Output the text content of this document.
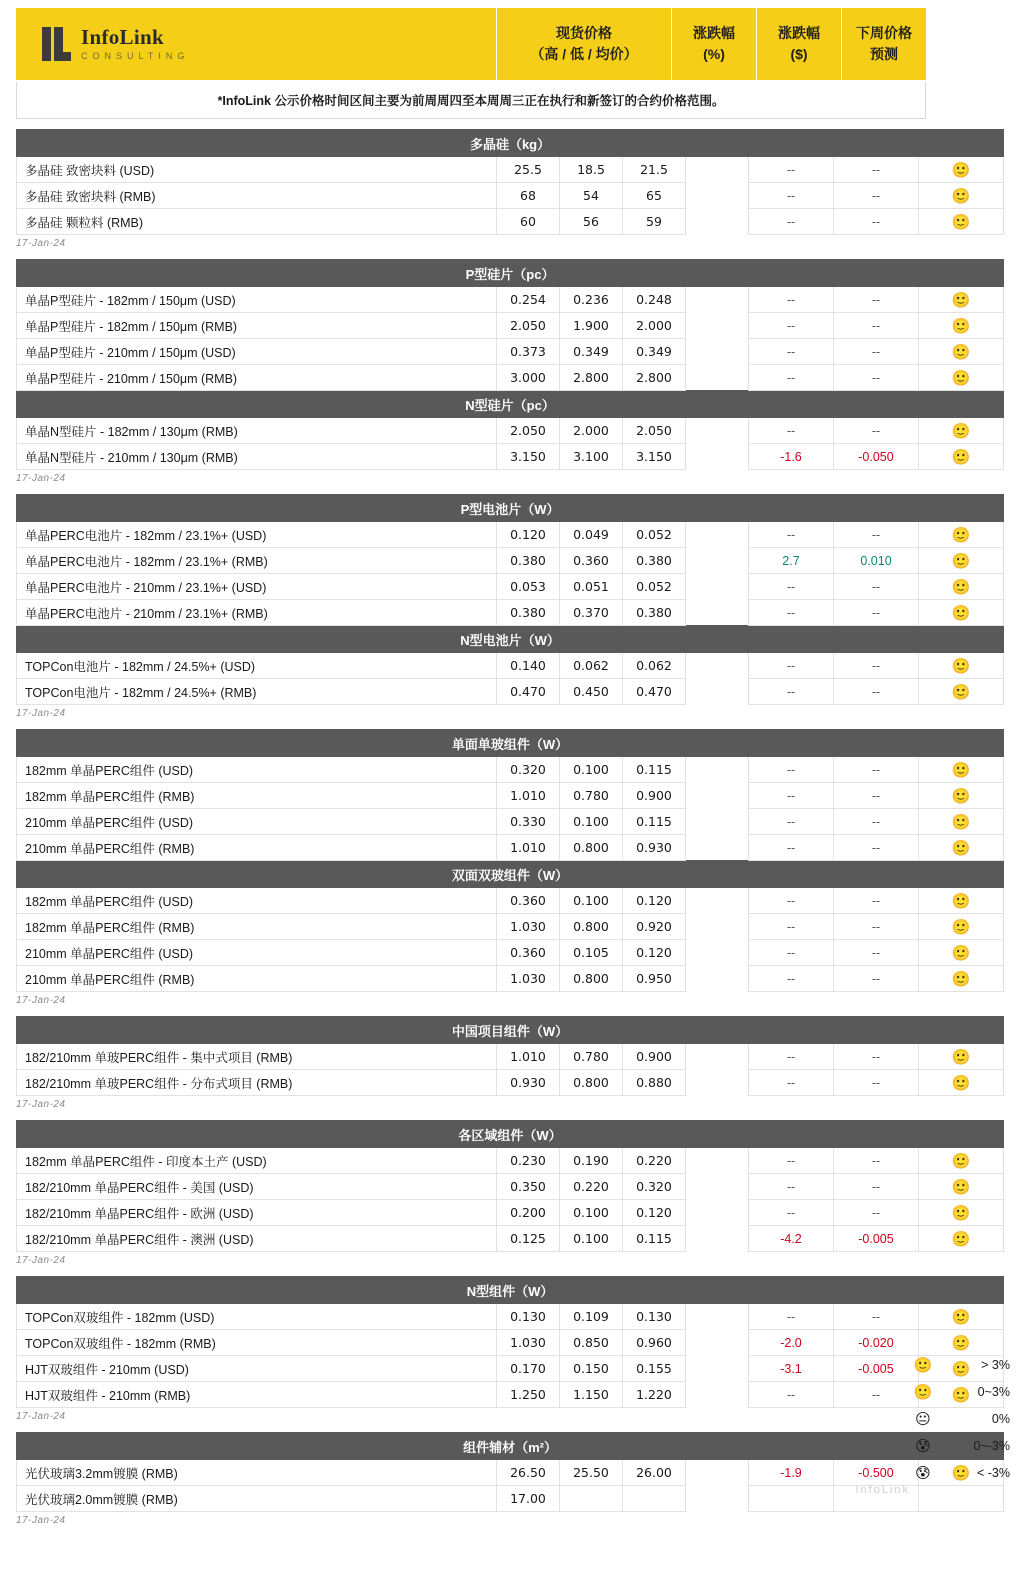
InfoLink
CONSULTING
现货价格
（高 / 低 / 均价）
涨跌幅
(%)
涨跌幅
($)
下周价格
预测
*InfoLink 公示价格时间区间主要为前周周四至本周周三正在执行和新签订的合约价格范围。
多晶硅（kg）							
多晶硅 致密块料 (USD)	25.5	18.5	21.5		--	--	🙂
多晶硅 致密块料 (RMB)	68	54	65		--	--	🙂
多晶硅 颗粒料 (RMB)	60	56	59		--	--	🙂
17-Jan-24
P型硅片（pc）							
单晶P型硅片 - 182mm / 150μm (USD)	0.254	0.236	0.248		--	--	🙂
单晶P型硅片 - 182mm / 150μm (RMB)	2.050	1.900	2.000		--	--	🙂
单晶P型硅片 - 210mm / 150μm (USD)	0.373	0.349	0.349		--	--	🙂
单晶P型硅片 - 210mm / 150μm (RMB)	3.000	2.800	2.800		--	--	🙂
N型硅片（pc）							
单晶N型硅片 - 182mm / 130μm (RMB)	2.050	2.000	2.050		--	--	🙂
单晶N型硅片 - 210mm / 130μm (RMB)	3.150	3.100	3.150		-1.6	-0.050	🙂
17-Jan-24
P型电池片（W）							
单晶PERC电池片 - 182mm / 23.1%+ (USD)	0.120	0.049	0.052		--	--	🙂
单晶PERC电池片 - 182mm / 23.1%+ (RMB)	0.380	0.360	0.380		2.7	0.010	🙂
单晶PERC电池片 - 210mm / 23.1%+ (USD)	0.053	0.051	0.052		--	--	🙂
单晶PERC电池片 - 210mm / 23.1%+ (RMB)	0.380	0.370	0.380		--	--	🙂
N型电池片（W）							
TOPCon电池片 - 182mm / 24.5%+ (USD)	0.140	0.062	0.062		--	--	🙂
TOPCon电池片 - 182mm / 24.5%+ (RMB)	0.470	0.450	0.470		--	--	🙂
17-Jan-24
单面单玻组件（W）							
182mm 单晶PERC组件 (USD)	0.320	0.100	0.115		--	--	🙂
182mm 单晶PERC组件 (RMB)	1.010	0.780	0.900		--	--	🙂
210mm 单晶PERC组件 (USD)	0.330	0.100	0.115		--	--	🙂
210mm 单晶PERC组件 (RMB)	1.010	0.800	0.930		--	--	🙂
双面双玻组件（W）							
182mm 单晶PERC组件 (USD)	0.360	0.100	0.120		--	--	🙂
182mm 单晶PERC组件 (RMB)	1.030	0.800	0.920		--	--	🙂
210mm 单晶PERC组件 (USD)	0.360	0.105	0.120		--	--	🙂
210mm 单晶PERC组件 (RMB)	1.030	0.800	0.950		--	--	🙂
17-Jan-24
中国项目组件（W）							
182/210mm 单玻PERC组件 - 集中式项目 (RMB)	1.010	0.780	0.900		--	--	🙂
182/210mm 单玻PERC组件 - 分布式项目 (RMB)	0.930	0.800	0.880		--	--	🙂
17-Jan-24
各区域组件（W）							
182mm 单晶PERC组件 - 印度本土产 (USD)	0.230	0.190	0.220		--	--	🙂
182/210mm 单晶PERC组件 - 美国 (USD)	0.350	0.220	0.320		--	--	🙂
182/210mm 单晶PERC组件 - 欧洲 (USD)	0.200	0.100	0.120		--	--	🙂
182/210mm 单晶PERC组件 - 澳洲 (USD)	0.125	0.100	0.115		-4.2	-0.005	🙂
17-Jan-24
N型组件（W）							
TOPCon双玻组件 - 182mm (USD)	0.130	0.109	0.130		--	--	🙂
TOPCon双玻组件 - 182mm (RMB)	1.030	0.850	0.960		-2.0	-0.020	🙂
HJT双玻组件 - 210mm (USD)	0.170	0.150	0.155		-3.1	-0.005	🙂
HJT双玻组件 - 210mm (RMB)	1.250	1.150	1.220		--	--	🙂
17-Jan-24
组件辅材（m²）							
光伏玻璃3.2mm镀膜 (RMB)	26.50	25.50	26.00		-1.9	-0.500	🙂
光伏玻璃2.0mm镀膜 (RMB)	17.00						
17-Jan-24
🙂	> 3%
🙂	0~3%
😐	0%
😰	0~-3%
😰	< -3%
InfoLink
